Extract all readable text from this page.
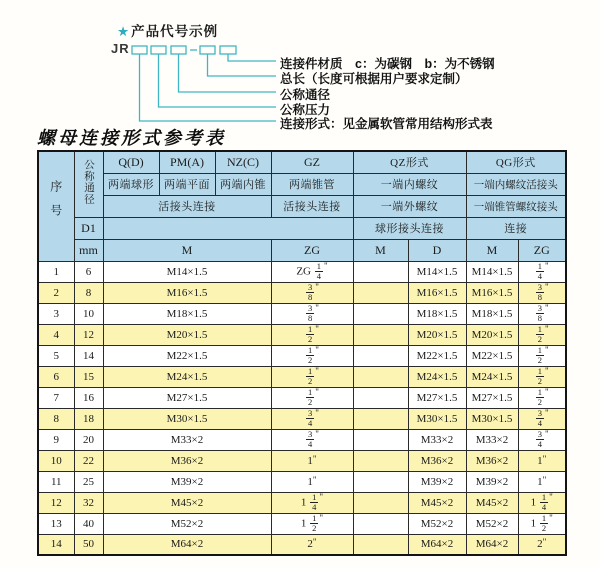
★产品代号示例
JR
连接件材质　c：为碳钢　b：为不锈钢
总长（长度可根据用户要求定制）
公称通径
公称压力
连接形式：见金属软管常用结构形式表
螺母连接形式参考表
序号	公称通径	Q(D)	PM(A)	NZ(C)	GZ	QZ形式		QG形式	
		两端球形	两端平面	两端内锥	两端锥管	一端内螺纹		一端内螺纹活接头	
		活接头连接			活接头连接	一端外螺纹		一端锥管螺纹接头	
	D1					球形接头连接		连接	
	mm	M			ZG	M	D	M	ZG
1	6	M14×1.5			ZG $\frac{1}{4} ^"$		M14×1.5	M14×1.5	$\frac{1}{4} ^"$
2	8	M16×1.5			$\frac{3}{8} ^"$		M16×1.5	M16×1.5	$\frac{3}{8} ^"$
3	10	M18×1.5			$\frac{3}{8} ^"$		M18×1.5	M18×1.5	$\frac{3}{8} ^"$
4	12	M20×1.5			$\frac{1}{2} ^"$		M20×1.5	M20×1.5	$\frac{1}{2} ^"$
5	14	M22×1.5			$\frac{1}{2} ^"$		M22×1.5	M22×1.5	$\frac{1}{2} ^"$
6	15	M24×1.5			$\frac{1}{2} ^"$		M24×1.5	M24×1.5	$\frac{1}{2} ^"$
7	16	M27×1.5			$\frac{1}{2} ^"$		M27×1.5	M27×1.5	$\frac{1}{2} ^"$
8	18	M30×1.5			$\frac{3}{4} ^"$		M30×1.5	M30×1.5	$\frac{3}{4} ^"$
9	20	M33×2			$\frac{3}{4} ^"$		M33×2	M33×2	$\frac{3}{4} ^"$
10	22	M36×2			1"		M36×2	M36×2	1"
11	25	M39×2			1"		M39×2	M39×2	1"
12	32	M45×2			$1 \frac{1}{4} ^"$		M45×2	M45×2	$1 \frac{1}{4} ^"$
13	40	M52×2			$1 \frac{1}{2} ^"$		M52×2	M52×2	$1 \frac{1}{2} ^"$
14	50	M64×2			2"		M64×2	M64×2	2"
